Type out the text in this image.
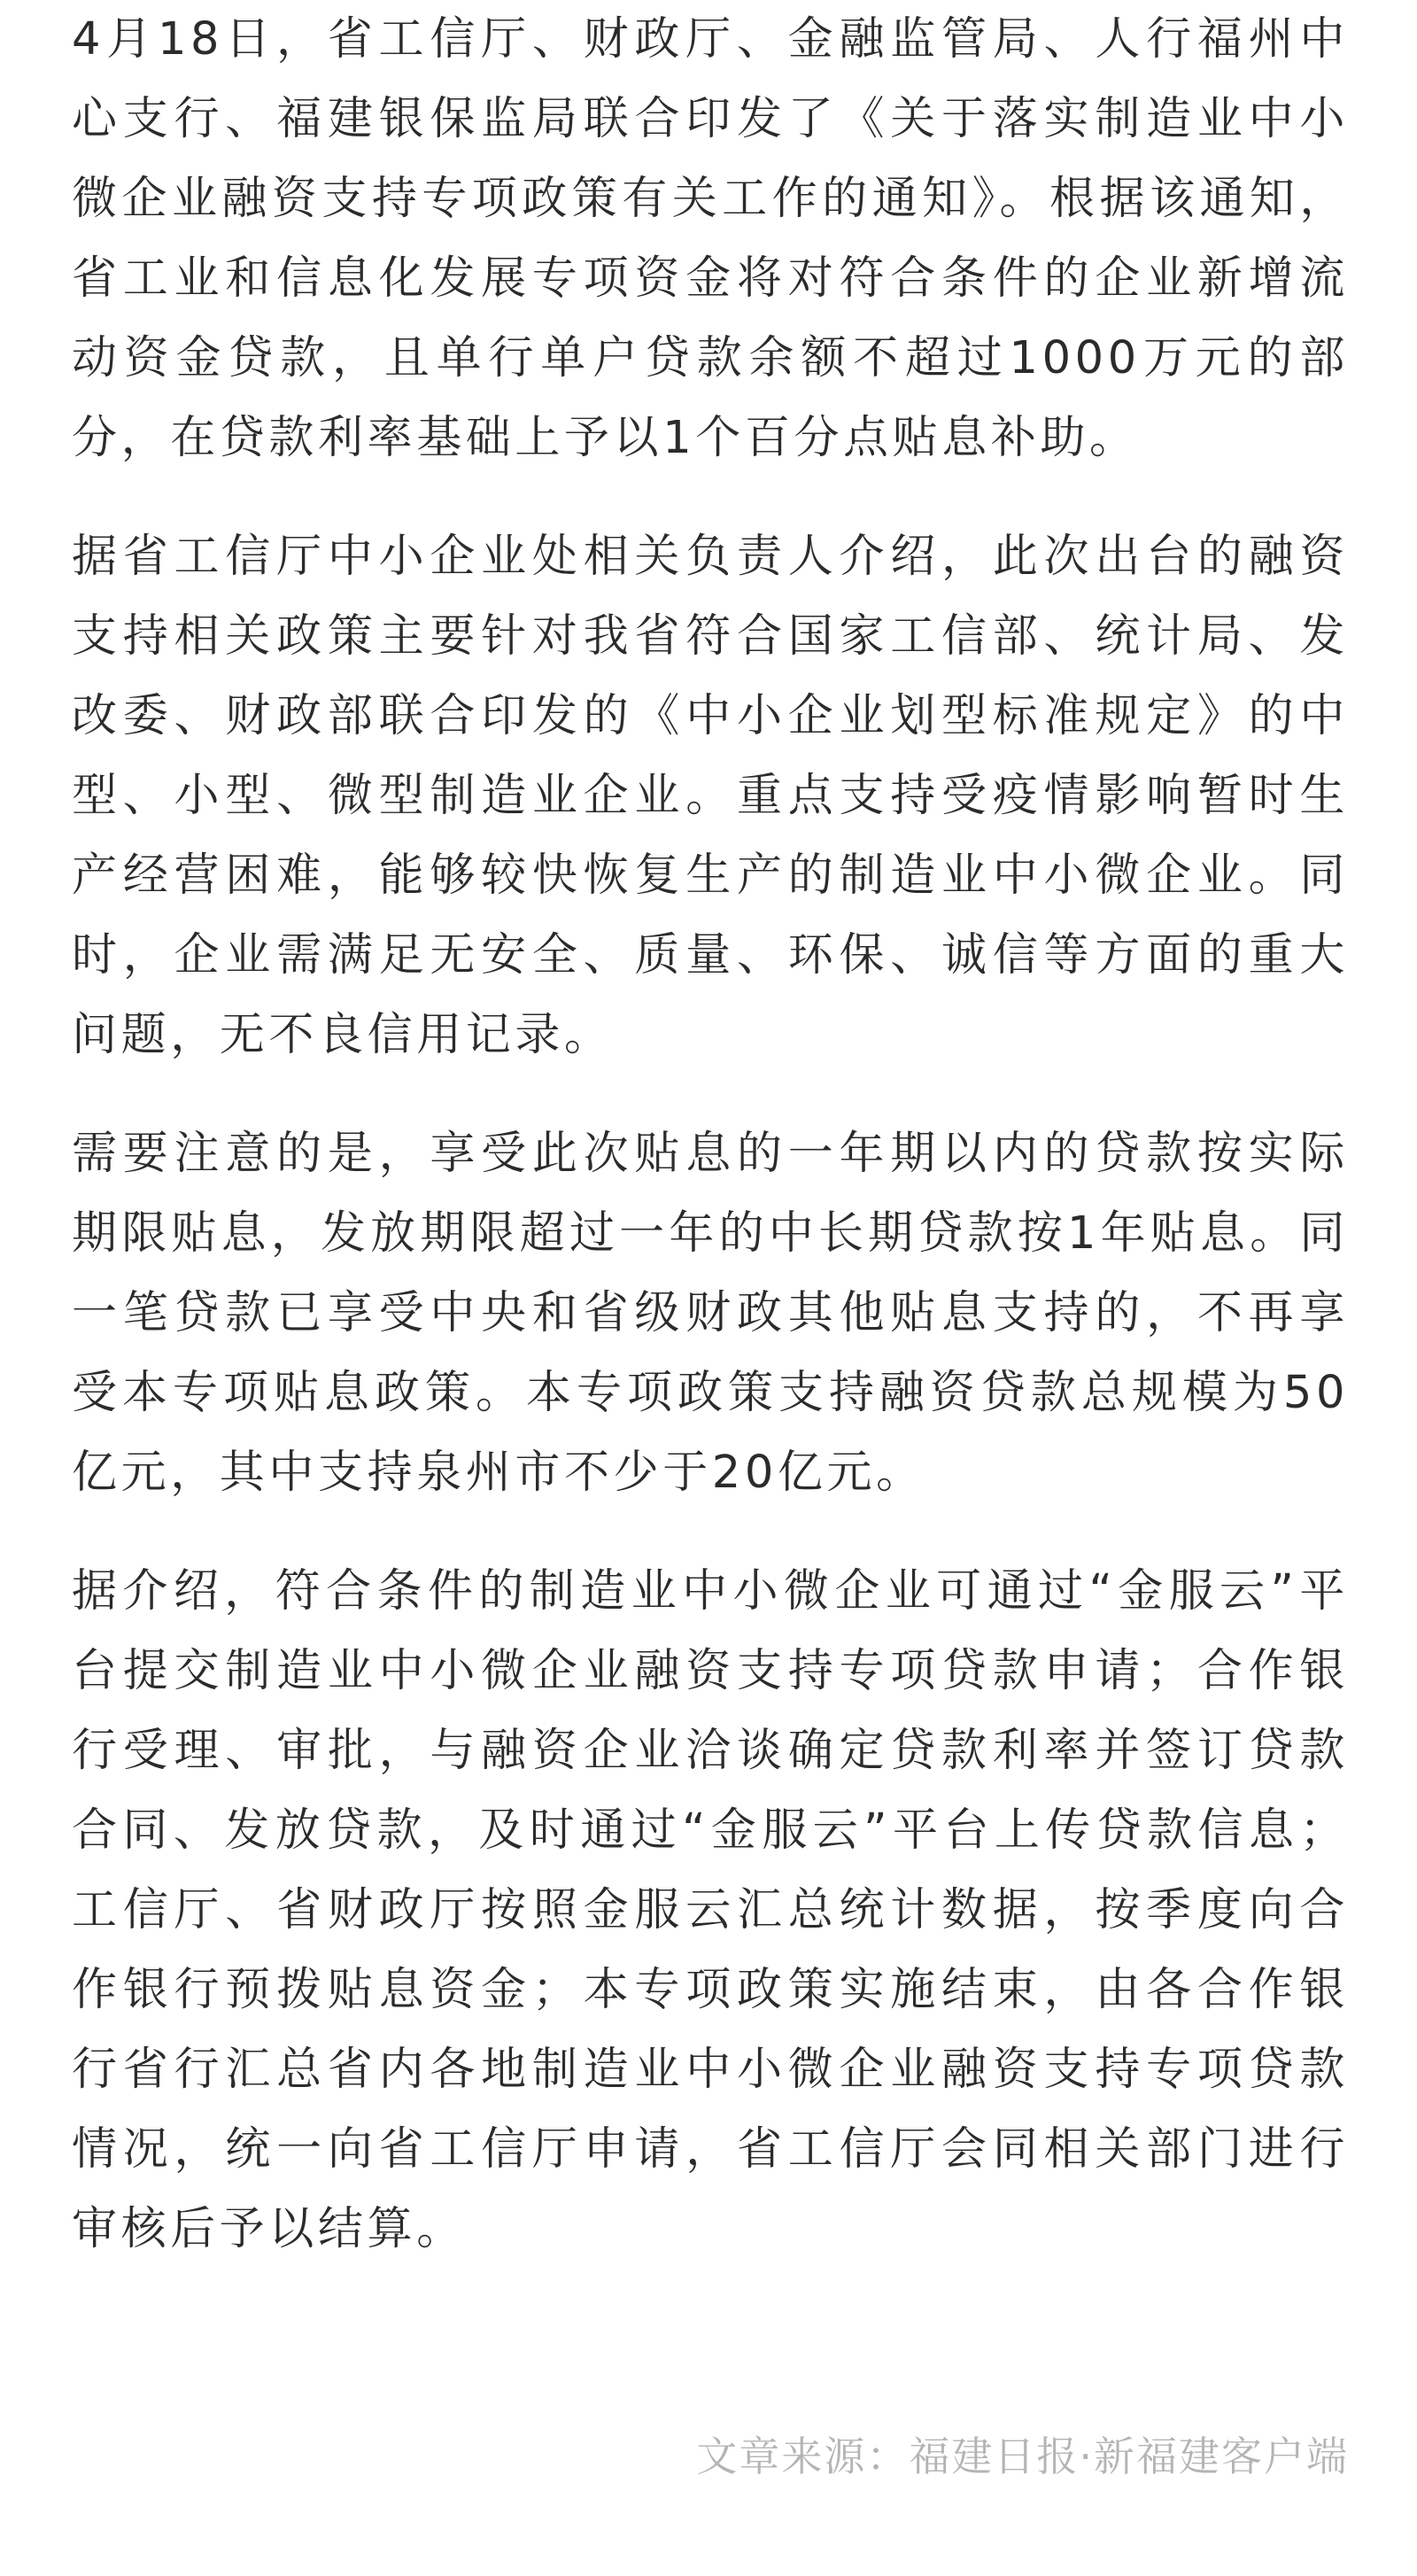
4月18日，省工信厅、财政厅、金融监管局、人行福州中心支行、福建银保监局联合印发了《关于落实制造业中小微企业融资支持专项政策有关工作的通知》。根据该通知，省工业和信息化发展专项资金将对符合条件的企业新增流动资金贷款，且单行单户贷款余额不超过1000万元的部分，在贷款利率基础上予以1个百分点贴息补助。

据省工信厅中小企业处相关负责人介绍，此次出台的融资支持相关政策主要针对我省符合国家工信部、统计局、发改委、财政部联合印发的《中小企业划型标准规定》的中型、小型、微型制造业企业。重点支持受疫情影响暂时生产经营困难，能够较快恢复生产的制造业中小微企业。同时，企业需满足无安全、质量、环保、诚信等方面的重大问题，无不良信用记录。

需要注意的是，享受此次贴息的一年期以内的贷款按实际期限贴息，发放期限超过一年的中长期贷款按1年贴息。同一笔贷款已享受中央和省级财政其他贴息支持的，不再享受本专项贴息政策。本专项政策支持融资贷款总规模为50亿元，其中支持泉州市不少于20亿元。

据介绍，符合条件的制造业中小微企业可通过“金服云”平台提交制造业中小微企业融资支持专项贷款申请；合作银行受理、审批，与融资企业洽谈确定贷款利率并签订贷款合同、发放贷款，及时通过“金服云”平台上传贷款信息；工信厅、省财政厅按照金服云汇总统计数据，按季度向合作银行预拨贴息资金；本专项政策实施结束，由各合作银行省行汇总省内各地制造业中小微企业融资支持专项贷款情况，统一向省工信厅申请，省工信厅会同相关部门进行审核后予以结算。

文章来源：福建日报·新福建客户端
